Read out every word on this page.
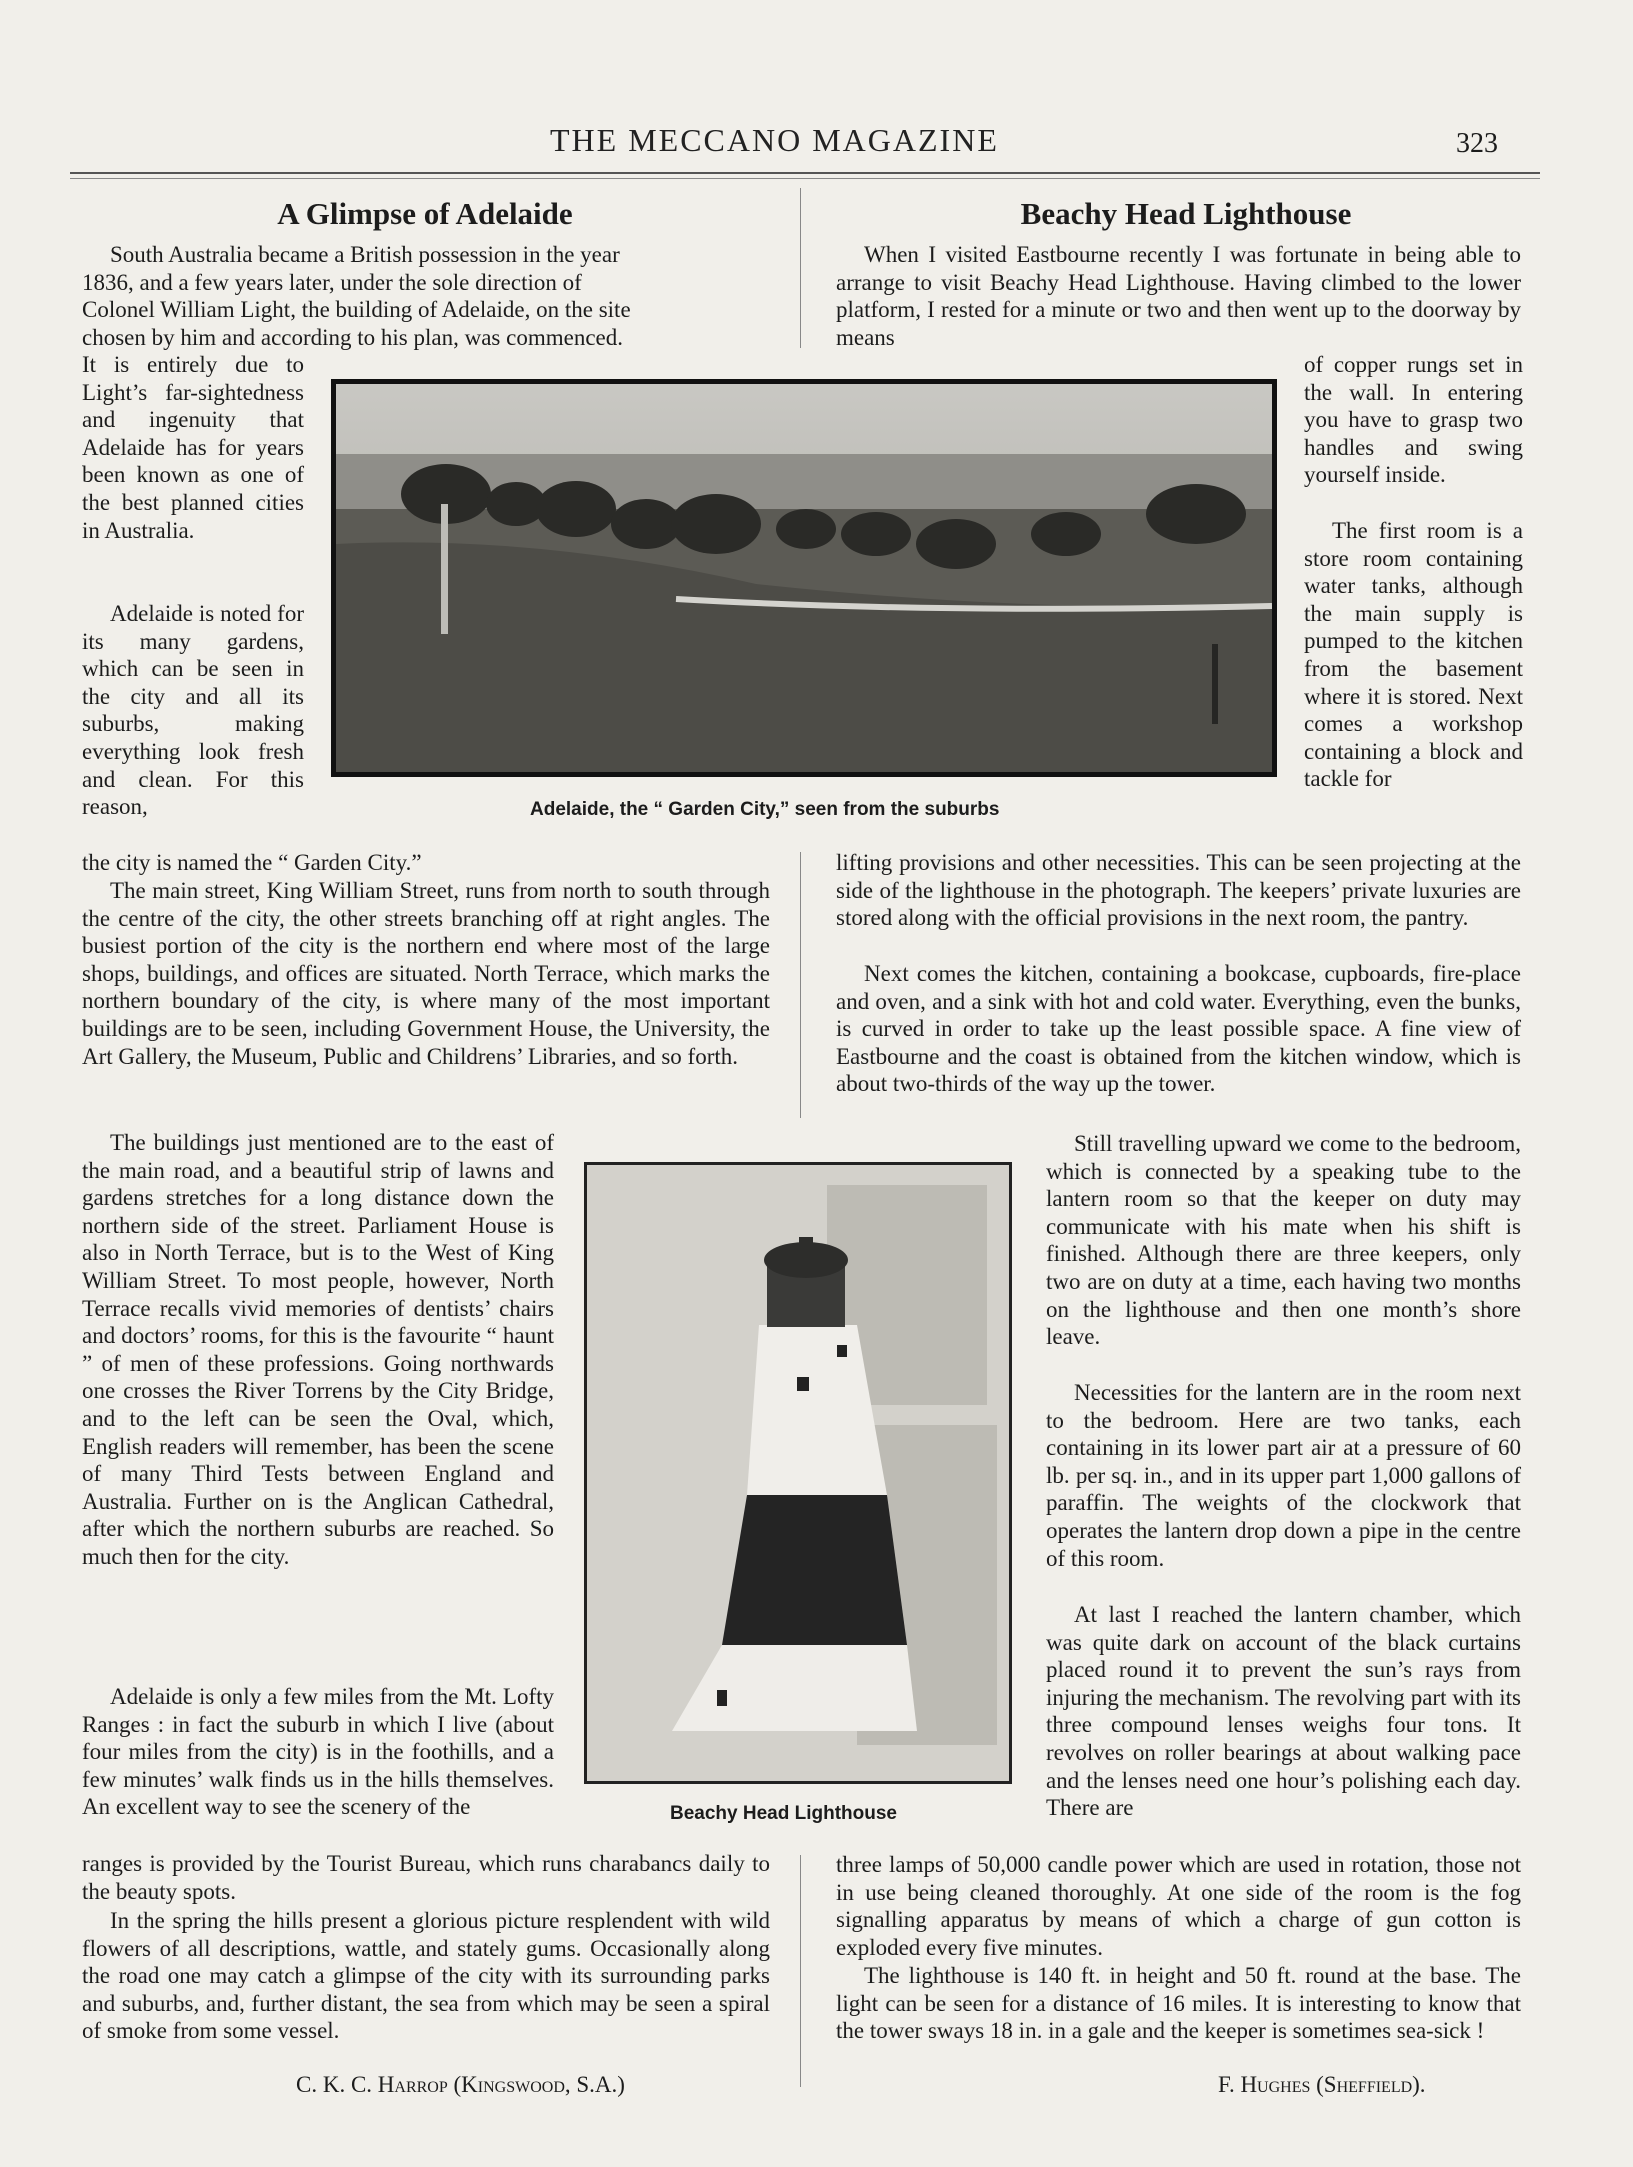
THE MECCANO MAGAZINE	323
A Glimpse of Adelaide
South Australia became a British possession in the year
1836, and a few years later, under the sole direction of
Colonel William Light, the building of Adelaide, on the site
chosen by him and according to his plan, was commenced.
It is entirely due to Light’s far-sightedness and ingenuity that Adelaide has for years been known as one of the best planned cities in Australia.
Adelaide is noted for its many gardens, which can be seen in the city and all its suburbs, making everything look fresh and clean. For this reason,
the city is named the “ Garden City.”
The main street, King William Street, runs from north to south through the centre of the city, the other streets branching off at right angles. The busiest portion of the city is the northern end where most of the large shops, buildings, and offices are situated. North Terrace, which marks the northern boundary of the city, is where many of the most important buildings are to be seen, including Government House, the University, the Art Gallery, the Museum, Public and Childrens’ Libraries, and so forth.
The buildings just mentioned are to the east of the main road, and a beautiful strip of lawns and gardens stretches for a long distance down the northern side of the street. Parliament House is also in North Terrace, but is to the West of King William Street. To most people, however, North Terrace recalls vivid memories of dentists’ chairs and doctors’ rooms, for this is the favourite “ haunt ” of men of these professions. Going northwards one crosses the River Torrens by the City Bridge, and to the left can be seen the Oval, which, English readers will remember, has been the scene of many Third Tests between England and Australia. Further on is the Anglican Cathedral, after which the northern suburbs are reached. So much then for the city.
Adelaide is only a few miles from the Mt. Lofty Ranges : in fact the suburb in which I live (about four miles from the city) is in the foothills, and a few minutes’ walk finds us in the hills themselves. An excellent way to see the scenery of the
ranges is provided by the Tourist Bureau, which runs charabancs daily to the beauty spots.
In the spring the hills present a glorious picture resplendent with wild flowers of all descriptions, wattle, and stately gums. Occasionally along the road one may catch a glimpse of the city with its surrounding parks and suburbs, and, further distant, the sea from which may be seen a spiral of smoke from some vessel.
C. K. C. Harrop (Kingswood, S.A.)
Beachy Head Lighthouse
When I visited Eastbourne recently I was fortunate in being able to arrange to visit Beachy Head Lighthouse. Having climbed to the lower platform, I rested for a minute or two and then went up to the doorway by means
of copper rungs set in the wall. In entering you have to grasp two handles and swing yourself inside.
The first room is a store room containing water tanks, although the main supply is pumped to the kitchen from the basement where it is stored. Next comes a workshop containing a block and tackle for
lifting provisions and other necessities. This can be seen projecting at the side of the lighthouse in the photograph. The keepers’ private luxuries are stored along with the official provisions in the next room, the pantry.
Next comes the kitchen, containing a bookcase, cupboards, fire-place and oven, and a sink with hot and cold water. Everything, even the bunks, is curved in order to take up the least possible space. A fine view of Eastbourne and the coast is obtained from the kitchen window, which is about two-thirds of the way up the tower.
Still travelling upward we come to the bedroom, which is connected by a speaking tube to the lantern room so that the keeper on duty may communicate with his mate when his shift is finished. Although there are three keepers, only two are on duty at a time, each having two months on the lighthouse and then one month’s shore leave.
Necessities for the lantern are in the room next to the bedroom. Here are two tanks, each containing in its lower part air at a pressure of 60 lb. per sq. in., and in its upper part 1,000 gallons of paraffin. The weights of the clockwork that operates the lantern drop down a pipe in the centre of this room.
At last I reached the lantern chamber, which was quite dark on account of the black curtains placed round it to prevent the sun’s rays from injuring the mechanism. The revolving part with its three compound lenses weighs four tons. It revolves on roller bearings at about walking pace and the lenses need one hour’s polishing each day. There are
three lamps of 50,000 candle power which are used in rotation, those not in use being cleaned thoroughly. At one side of the room is the fog signalling apparatus by means of which a charge of gun cotton is exploded every five minutes.
The lighthouse is 140 ft. in height and 50 ft. round at the base. The light can be seen for a distance of 16 miles. It is interesting to know that the tower sways 18 in. in a gale and the keeper is sometimes sea-sick !
F. Hughes (Sheffield).
Adelaide, the “ Garden City,” seen from the suburbs
Beachy Head Lighthouse
